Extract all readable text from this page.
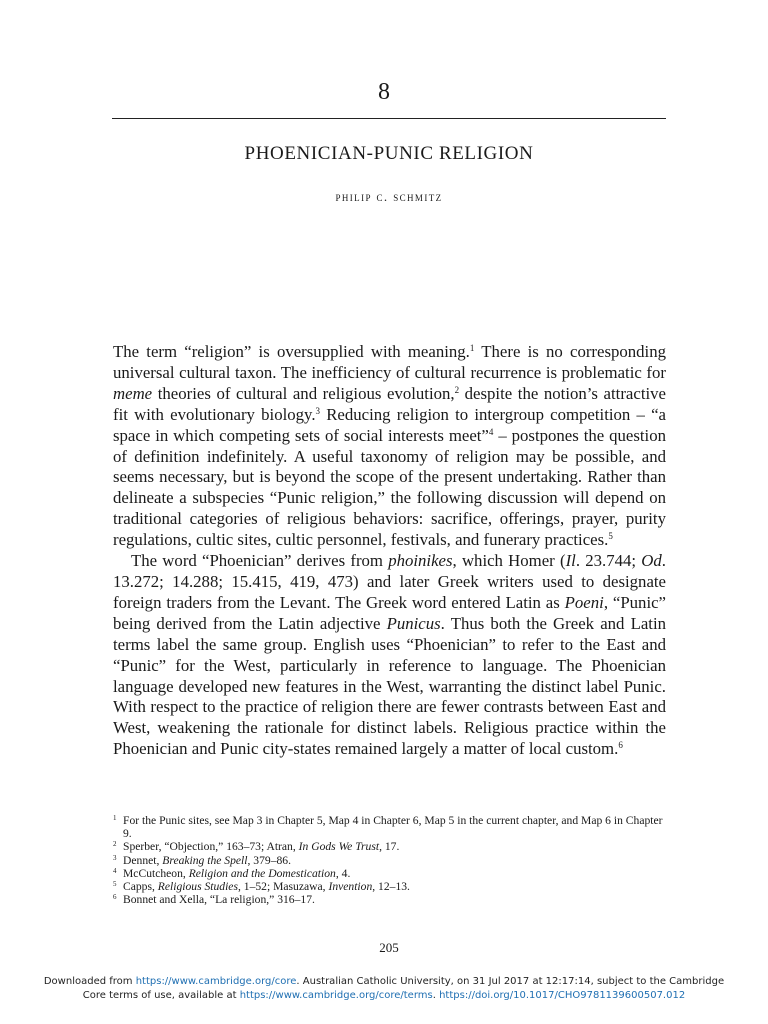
8
PHOENICIAN-PUNIC RELIGION
philip c. schmitz

The term “religion” is oversupplied with meaning.$^1$ There is no corresponding universal cultural taxon. The inefficiency of cultural recurrence is problematic for meme theories of cultural and religious evolution,$^2$ despite the notion’s attractive fit with evolutionary biology.$^3$ Reducing religion to intergroup competition – “a space in which competing sets of social interests meet”$^4$ – postpones the question of definition indefinitely. A useful taxonomy of religion may be possible, and seems necessary, but is beyond the scope of the present undertaking. Rather than delineate a subspecies “Punic religion,” the following discussion will depend on traditional categories of religious behaviors: sacrifice, offerings, prayer, purity regulations, cultic sites, cultic personnel, festivals, and funerary practices.$^5$

The word “Phoenician” derives from phoinikes, which Homer (Il. 23.744; Od. 13.272; 14.288; 15.415, 419, 473) and later Greek writers used to designate foreign traders from the Levant. The Greek word entered Latin as Poeni, “Punic” being derived from the Latin adjective Punicus. Thus both the Greek and Latin terms label the same group. English uses “Phoenician” to refer to the East and “Punic” for the West, particularly in reference to language. The Phoenician language developed new features in the West, warranting the distinct label Punic. With respect to the practice of religion there are fewer contrasts between East and West, weakening the rationale for distinct labels. Religious practice within the Phoenician and Punic city-states remained largely a matter of local custom.$^6$

1 For the Punic sites, see Map 3 in Chapter 5, Map 4 in Chapter 6, Map 5 in the current chapter, and Map 6 in Chapter 9.
2 Sperber, “Objection,” 163–73; Atran, In Gods We Trust, 17.
3 Dennet, Breaking the Spell, 379–86.
4 McCutcheon, Religion and the Domestication, 4.
5 Capps, Religious Studies, 1–52; Masuzawa, Invention, 12–13.
6 Bonnet and Xella, “La religion,” 316–17.
205
Downloaded from https://www.cambridge.org/core. Australian Catholic University, on 31 Jul 2017 at 12:17:14, subject to the Cambridge
Core terms of use, available at https://www.cambridge.org/core/terms. https://doi.org/10.1017/CHO9781139600507.012
